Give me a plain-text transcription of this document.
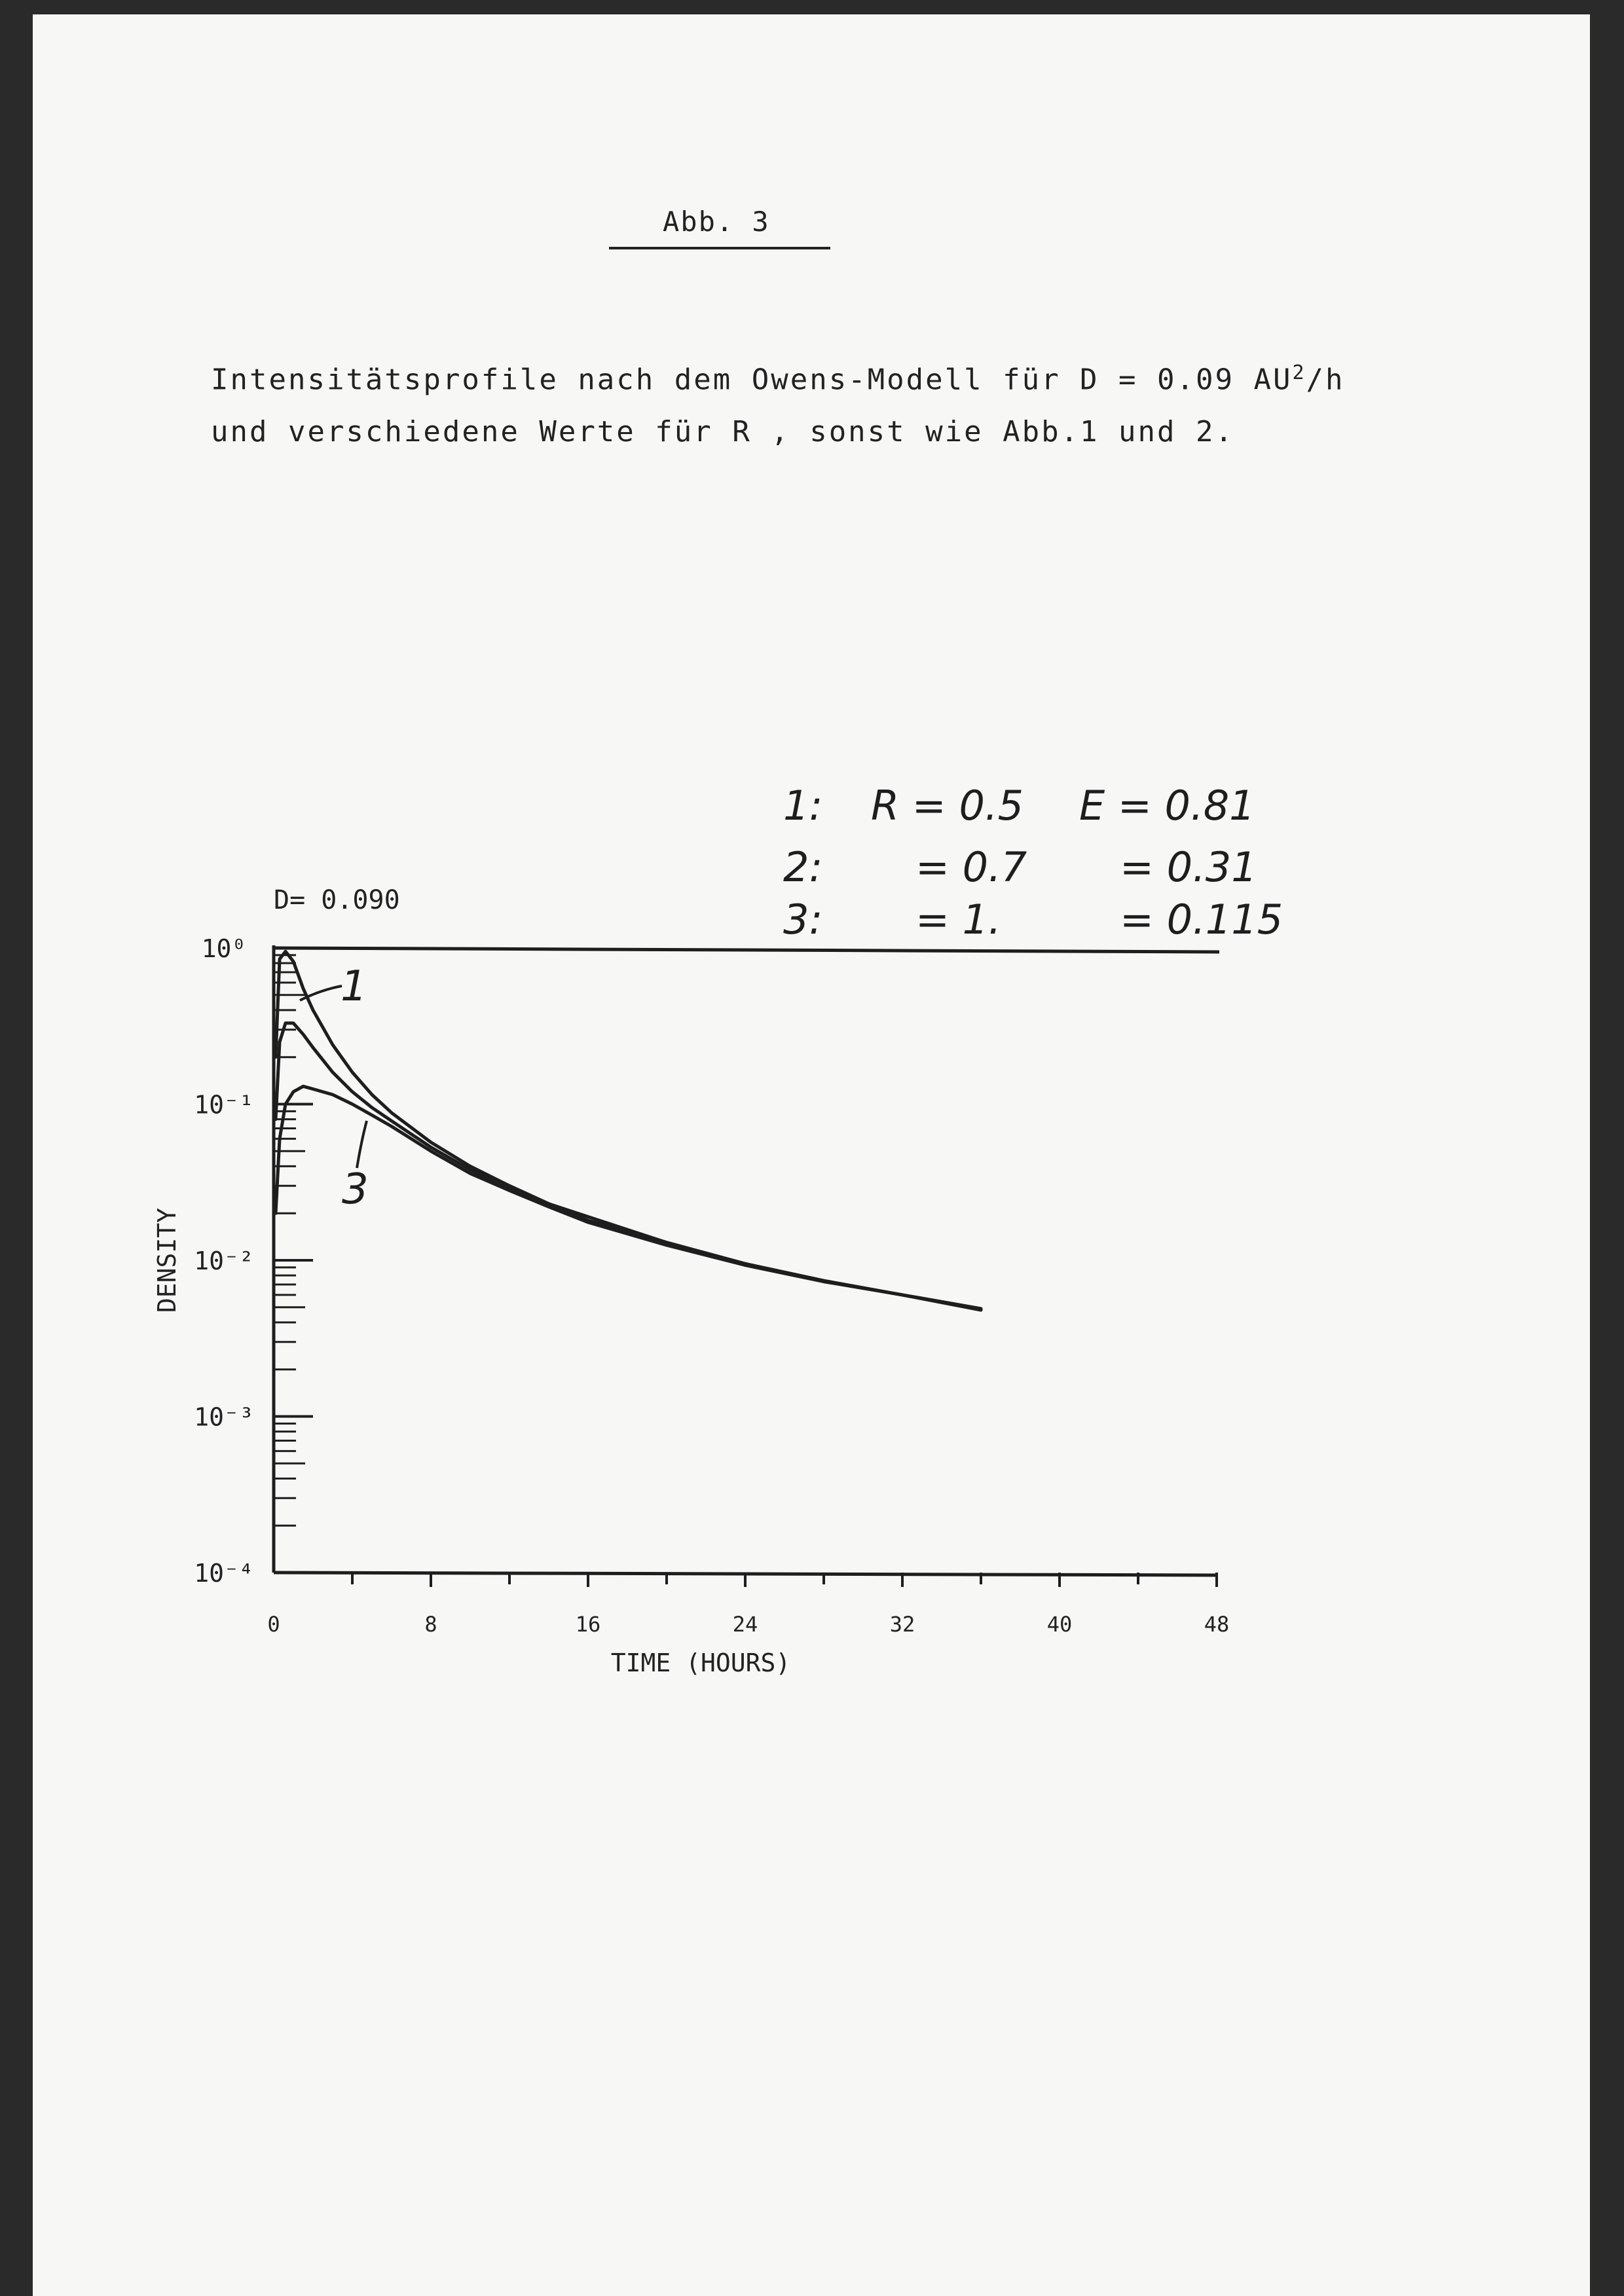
Abb. 3
Intensitätsprofile nach dem Owens-Modell für D = 0.09 $AU^2/h$
und verschiedene Werte für R , sonst wie Abb.1 und 2.
D= 0.090
TIME (HOURS)
DENSITY
0	8	16	24	32	40	48
10⁰
10⁻¹
10⁻²
10⁻³
10⁻⁴
1
3
1: R = 0.5 E = 0.81
2: = 0.7 = 0.31
3: = 1.	= 0.115
